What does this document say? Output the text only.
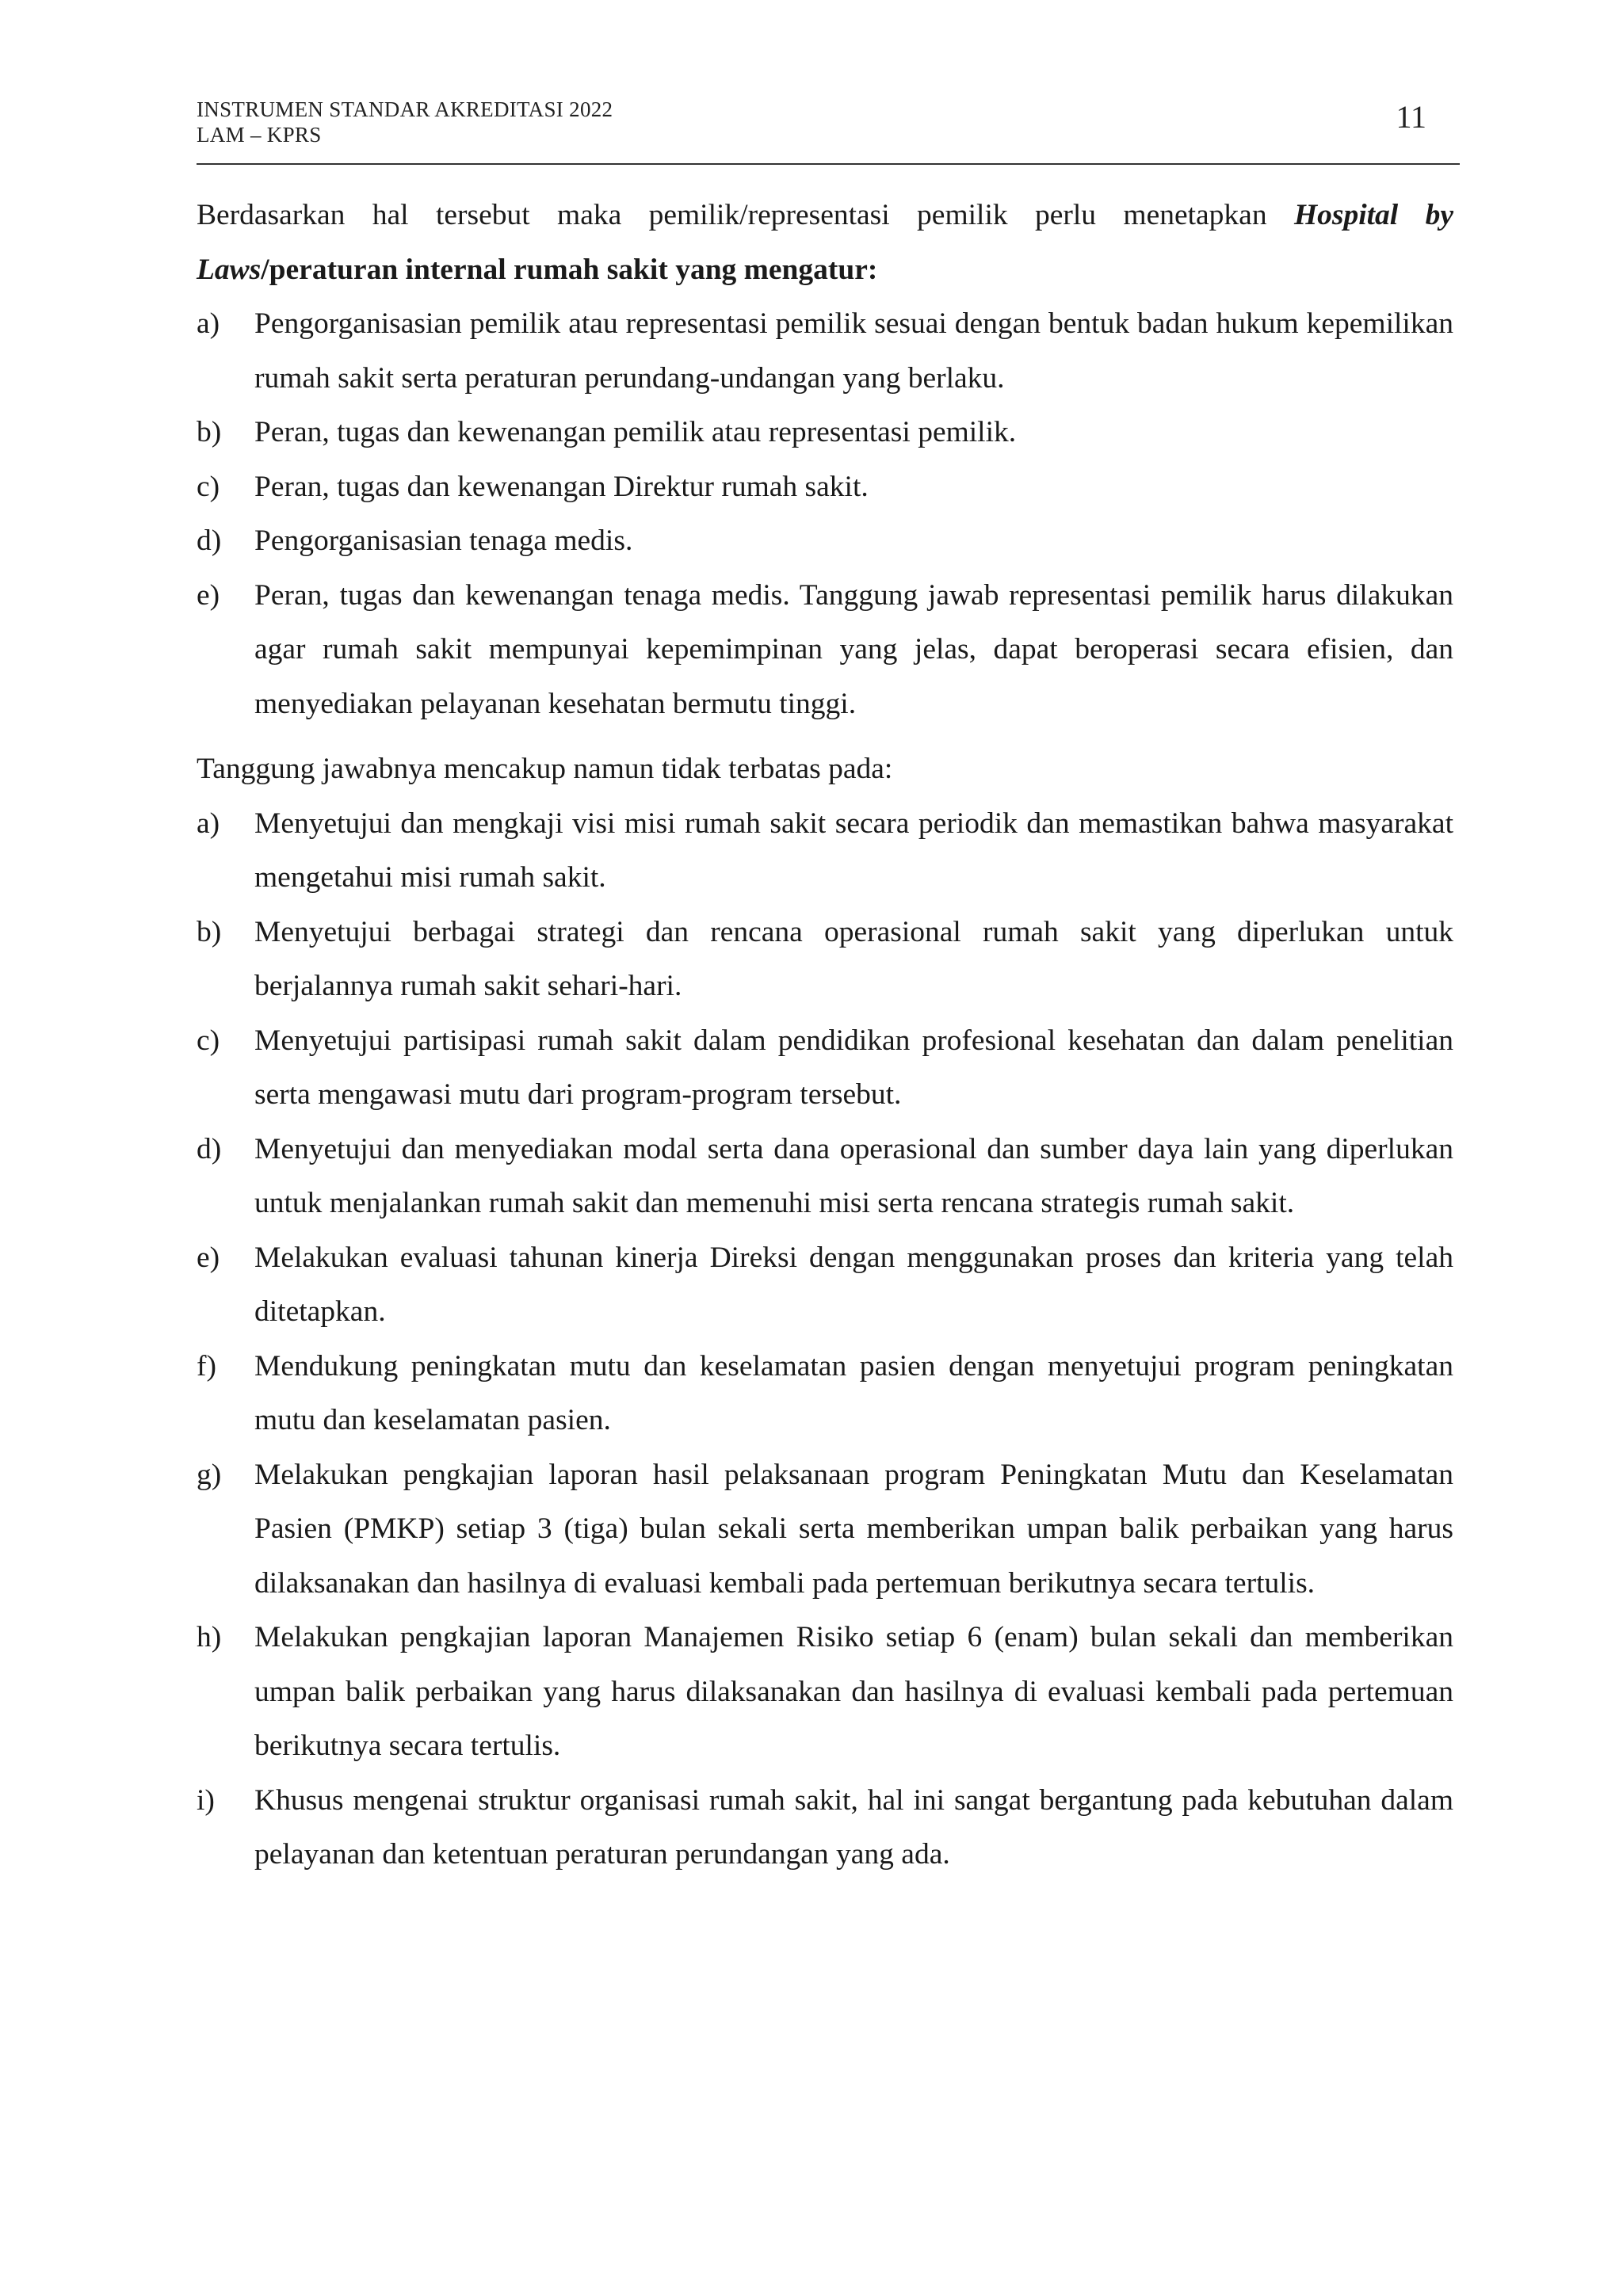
INSTRUMEN STANDAR AKREDITASI 2022
LAM – KPRS	11

Berdasarkan hal tersebut maka pemilik/representasi pemilik perlu menetapkan Hospital by Laws/peraturan internal rumah sakit yang mengatur:

a) Pengorganisasian pemilik atau representasi pemilik sesuai dengan bentuk badan hukum kepemilikan rumah sakit serta peraturan perundang-undangan yang berlaku.
b) Peran, tugas dan kewenangan pemilik atau representasi pemilik.
c) Peran, tugas dan kewenangan Direktur rumah sakit.
d) Pengorganisasian tenaga medis.
e) Peran, tugas dan kewenangan tenaga medis. Tanggung jawab representasi pemilik harus dilakukan agar rumah sakit mempunyai kepemimpinan yang jelas, dapat beroperasi secara efisien, dan menyediakan pelayanan kesehatan bermutu tinggi.

Tanggung jawabnya mencakup namun tidak terbatas pada:

a) Menyetujui dan mengkaji visi misi rumah sakit secara periodik dan memastikan bahwa masyarakat mengetahui misi rumah sakit.
b) Menyetujui berbagai strategi dan rencana operasional rumah sakit yang diperlukan untuk berjalannya rumah sakit sehari-hari.
c) Menyetujui partisipasi rumah sakit dalam pendidikan profesional kesehatan dan dalam penelitian serta mengawasi mutu dari program-program tersebut.
d) Menyetujui dan menyediakan modal serta dana operasional dan sumber daya lain yang diperlukan untuk menjalankan rumah sakit dan memenuhi misi serta rencana strategis rumah sakit.
e) Melakukan evaluasi tahunan kinerja Direksi dengan menggunakan proses dan kriteria yang telah ditetapkan.
f) Mendukung peningkatan mutu dan keselamatan pasien dengan menyetujui program peningkatan mutu dan keselamatan pasien.
g) Melakukan pengkajian laporan hasil pelaksanaan program Peningkatan Mutu dan Keselamatan Pasien (PMKP) setiap 3 (tiga) bulan sekali serta memberikan umpan balik perbaikan yang harus dilaksanakan dan hasilnya di evaluasi kembali pada pertemuan berikutnya secara tertulis.
h) Melakukan pengkajian laporan Manajemen Risiko setiap 6 (enam) bulan sekali dan memberikan umpan balik perbaikan yang harus dilaksanakan dan hasilnya di evaluasi kembali pada pertemuan berikutnya secara tertulis.
i) Khusus mengenai struktur organisasi rumah sakit, hal ini sangat bergantung pada kebutuhan dalam pelayanan dan ketentuan peraturan perundangan yang ada.
